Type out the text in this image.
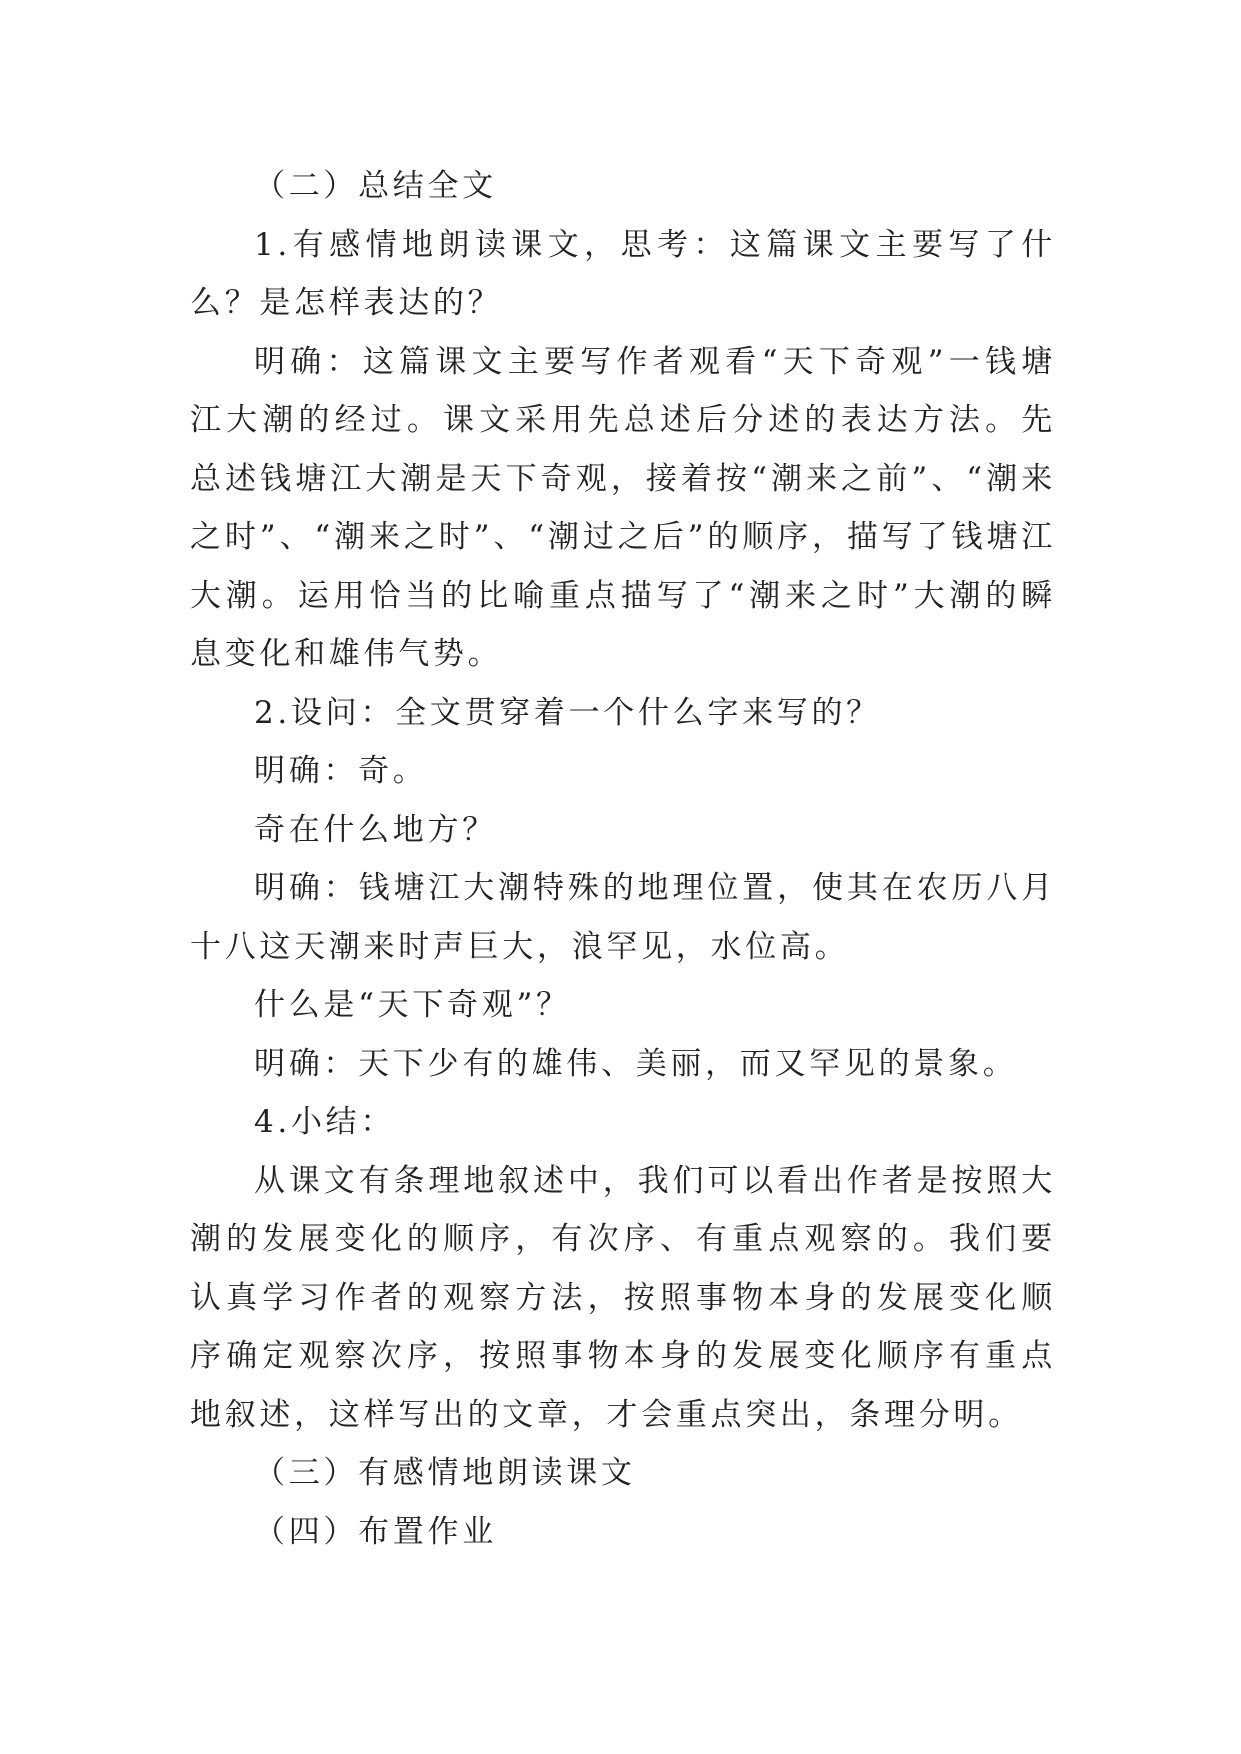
（二）总结全文

1.有感情地朗读课文，思考：这篇课文主要写了什么？是怎样表达的？

明确：这篇课文主要写作者观看“天下奇观”一钱塘江大潮的经过。课文采用先总述后分述的表达方法。先总述钱塘江大潮是天下奇观，接着按“潮来之前”、“潮来之时”、“潮来之时”、“潮过之后”的顺序，描写了钱塘江大潮。运用恰当的比喻重点描写了“潮来之时”大潮的瞬息变化和雄伟气势。

2.设问：全文贯穿着一个什么字来写的？

明确：奇。

奇在什么地方？

明确：钱塘江大潮特殊的地理位置，使其在农历八月十八这天潮来时声巨大，浪罕见，水位高。

什么是“天下奇观”？

明确：天下少有的雄伟、美丽，而又罕见的景象。

4.小结：

从课文有条理地叙述中，我们可以看出作者是按照大潮的发展变化的顺序，有次序、有重点观察的。我们要认真学习作者的观察方法，按照事物本身的发展变化顺序确定观察次序，按照事物本身的发展变化顺序有重点地叙述，这样写出的文章，才会重点突出，条理分明。

（三）有感情地朗读课文

（四）布置作业
